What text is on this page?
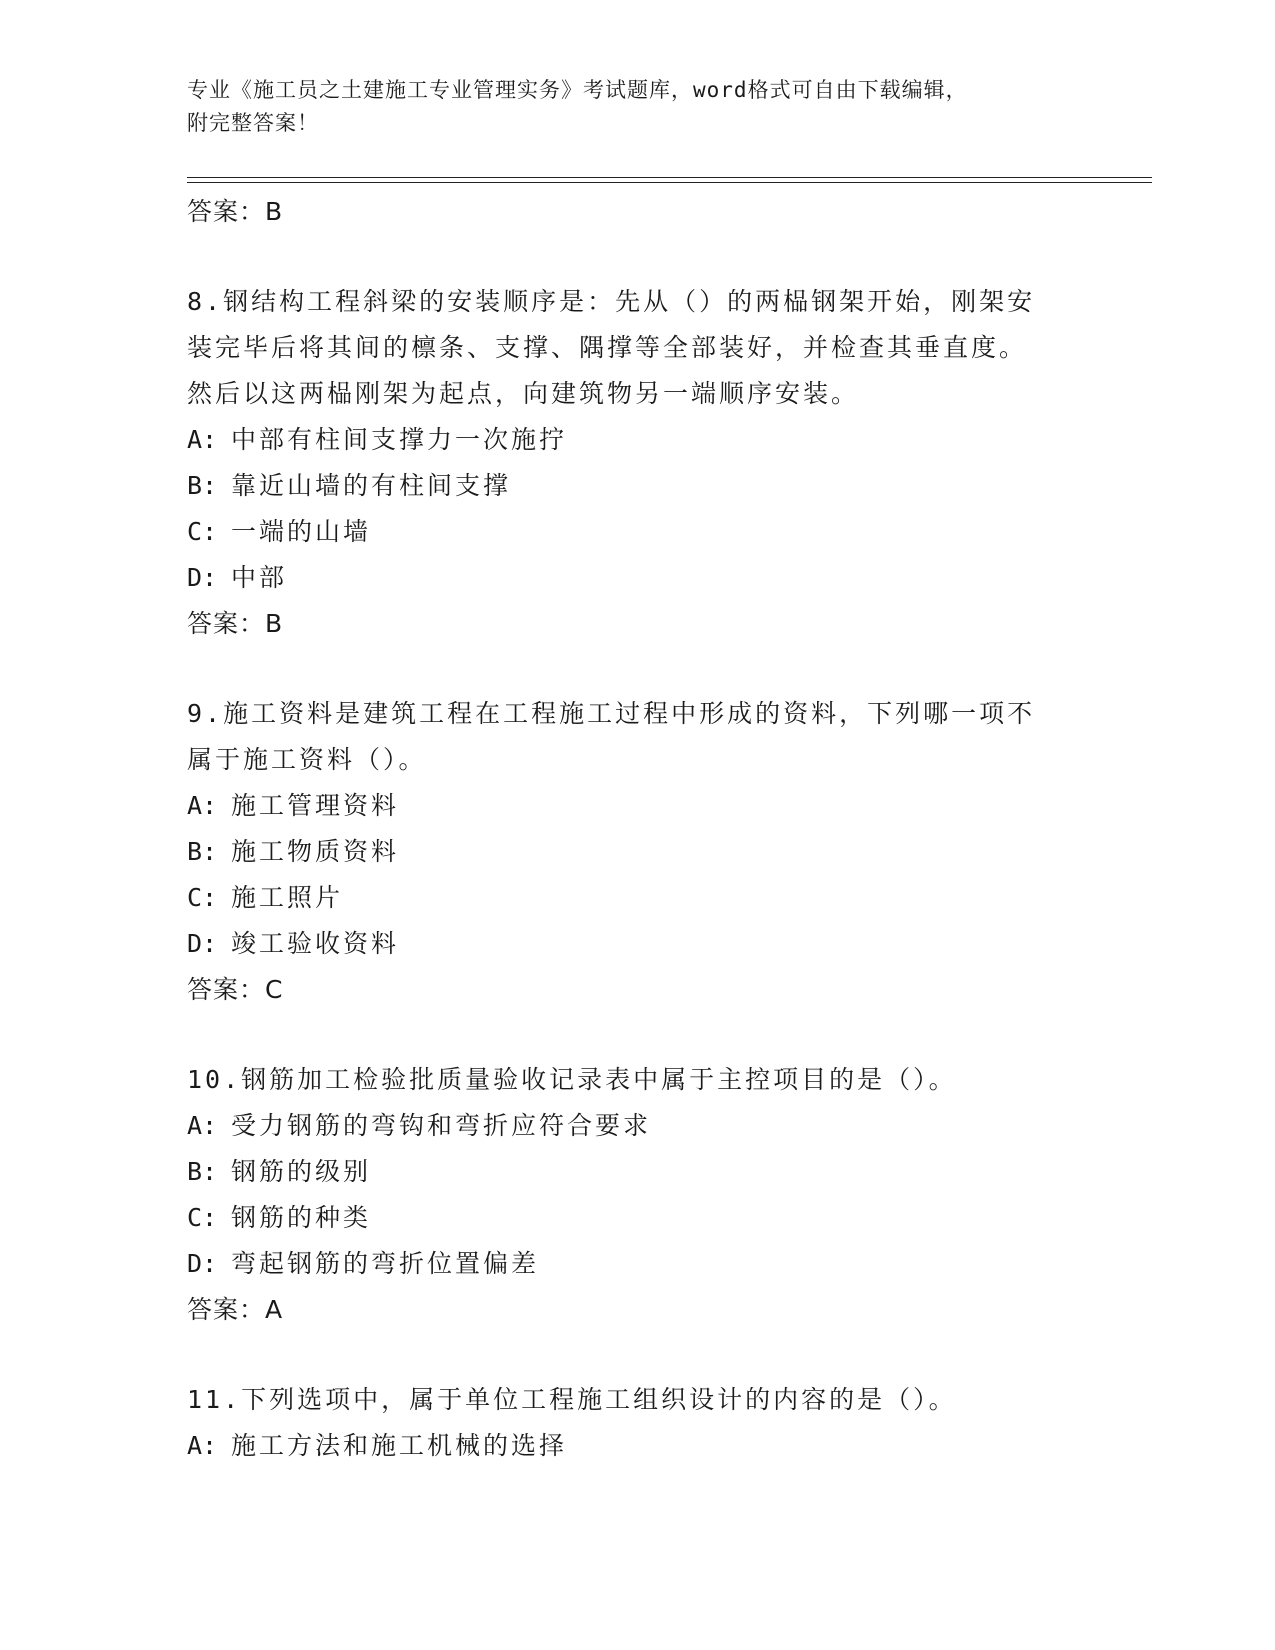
专业《施工员之土建施工专业管理实务》考试题库，word格式可自由下载编辑，
附完整答案！
答案：B
8.钢结构工程斜梁的安装顺序是：先从（）的两榀钢架开始，刚架安
装完毕后将其间的檩条、支撑、隅撑等全部装好，并检查其垂直度。
然后以这两榀刚架为起点，向建筑物另一端顺序安装。
A: 中部有柱间支撑力一次施拧
B: 靠近山墙的有柱间支撑
C: 一端的山墙
D: 中部
答案：B
9.施工资料是建筑工程在工程施工过程中形成的资料，下列哪一项不
属于施工资料（）。
A: 施工管理资料
B: 施工物质资料
C: 施工照片
D: 竣工验收资料
答案：C
10.钢筋加工检验批质量验收记录表中属于主控项目的是（）。
A: 受力钢筋的弯钩和弯折应符合要求
B: 钢筋的级别
C: 钢筋的种类
D: 弯起钢筋的弯折位置偏差
答案：A
11.下列选项中，属于单位工程施工组织设计的内容的是（）。
A: 施工方法和施工机械的选择
